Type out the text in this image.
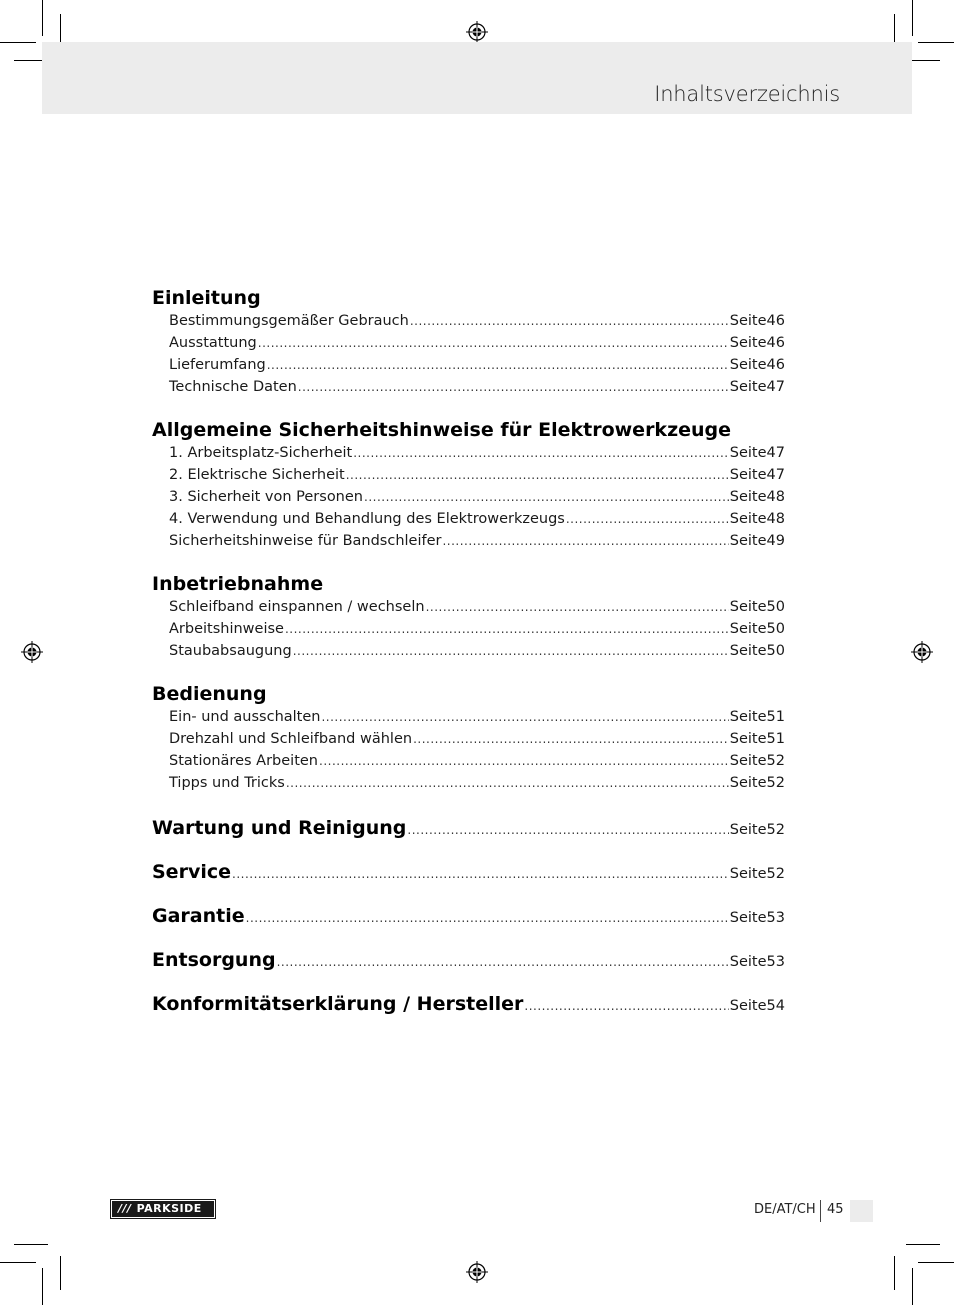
Inhaltsverzeichnis
Einleitung
Bestimmungsgemäßer Gebrauch .....	Seite 46
Ausstattung .....	Seite 46
Lieferumfang .....	Seite 46
Technische Daten .....	Seite 47
Allgemeine Sicherheitshinweise für Elektrowerkzeuge
1. Arbeitsplatz-Sicherheit .....	Seite 47
2. Elektrische Sicherheit .....	Seite 47
3. Sicherheit von Personen .....	Seite 48
4. Verwendung und Behandlung des Elektrowerkzeugs .....	Seite 48
Sicherheitshinweise für Bandschleifer .....	Seite 49
Inbetriebnahme
Schleifband einspannen / wechseln .....	Seite 50
Arbeitshinweise .....	Seite 50
Staubabsaugung .....	Seite 50
Bedienung
Ein- und ausschalten .....	Seite 51
Drehzahl und Schleifband wählen .....	Seite 51
Stationäres Arbeiten .....	Seite 52
Tipps und Tricks .....	Seite 52
Wartung und Reinigung .....	Seite 52
Service .....	Seite 52
Garantie .....	Seite 53
Entsorgung .....	Seite 53
Konformitätserklärung / Hersteller .....	Seite 54
/// PARKSIDE	DE/AT/CH 45
